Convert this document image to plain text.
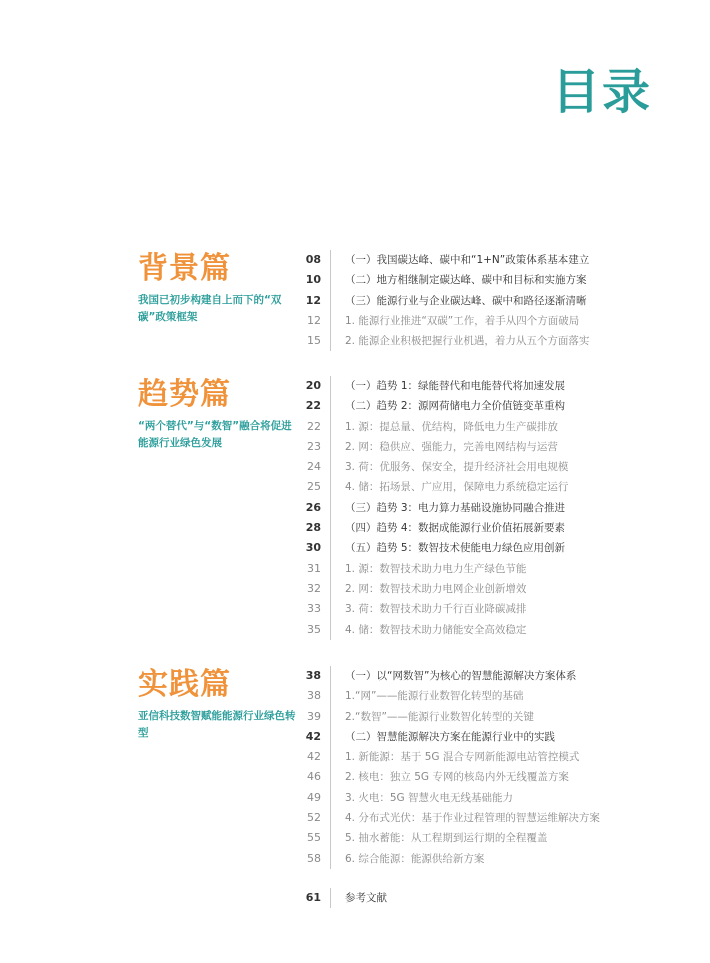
目录
背景篇
我国已初步构建自上而下的“双碳”政策框架
08 （一）我国碳达峰、碳中和“1+N”政策体系基本建立
10 （二）地方相继制定碳达峰、碳中和目标和实施方案
12 （三）能源行业与企业碳达峰、碳中和路径逐渐清晰
12 1. 能源行业推进“双碳”工作，着手从四个方面破局
15 2. 能源企业积极把握行业机遇，着力从五个方面落实
趋势篇
“两个替代”与“数智”融合将促进能源行业绿色发展
20 （一）趋势 1：绿能替代和电能替代将加速发展
22 （二）趋势 2：源网荷储电力全价值链变革重构
22 1. 源：提总量、优结构，降低电力生产碳排放
23 2. 网：稳供应、强能力，完善电网结构与运营
24 3. 荷：优服务、保安全，提升经济社会用电规模
25 4. 储：拓场景、广应用，保障电力系统稳定运行
26 （三）趋势 3：电力算力基础设施协同融合推进
28 （四）趋势 4：数据成能源行业价值拓展新要素
30 （五）趋势 5：数智技术使能电力绿色应用创新
31 1. 源：数智技术助力电力生产绿色节能
32 2. 网：数智技术助力电网企业创新增效
33 3. 荷：数智技术助力千行百业降碳减排
35 4. 储：数智技术助力储能安全高效稳定
实践篇
亚信科技数智赋能能源行业绿色转型
38 （一）以“网数智”为核心的智慧能源解决方案体系
38 1.“网”——能源行业数智化转型的基础
39 2.“数智”——能源行业数智化转型的关键
42 （二）智慧能源解决方案在能源行业中的实践
42 1. 新能源：基于 5G 混合专网新能源电站管控模式
46 2. 核电：独立 5G 专网的核岛内外无线覆盖方案
49 3. 火电：5G 智慧火电无线基础能力
52 4. 分布式光伏：基于作业过程管理的智慧运维解决方案
55 5. 抽水蓄能：从工程期到运行期的全程覆盖
58 6. 综合能源：能源供给新方案
61 参考文献
